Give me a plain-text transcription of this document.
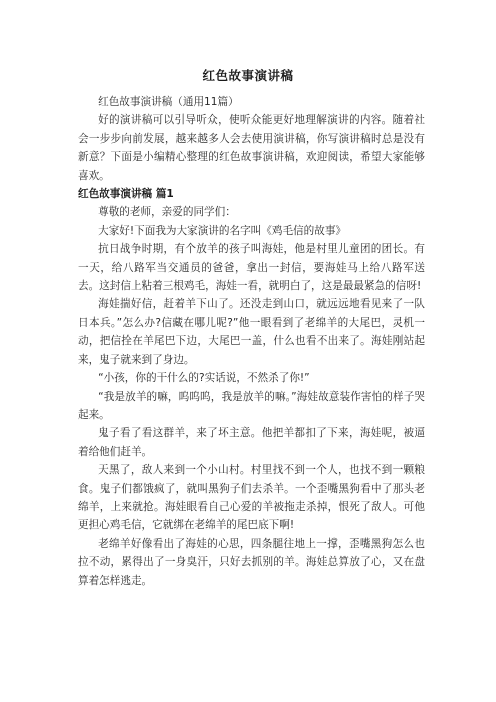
红色故事演讲稿

红色故事演讲稿（通用11篇）

好的演讲稿可以引导听众，使听众能更好地理解演讲的内容。随着社会一步步向前发展，越来越多人会去使用演讲稿，你写演讲稿时总是没有新意？下面是小编精心整理的红色故事演讲稿，欢迎阅读，希望大家能够喜欢。

红色故事演讲稿 篇1

尊敬的老师，亲爱的同学们：

大家好!下面我为大家演讲的名字叫《鸡毛信的故事》

抗日战争时期，有个放羊的孩子叫海娃，他是村里儿童团的团长。有一天，给八路军当交通员的爸爸，拿出一封信，要海娃马上给八路军送去。这封信上粘着三根鸡毛，海娃一看，就明白了，这是最最紧急的信呀!

海娃揣好信，赶着羊下山了。还没走到山口，就远远地看见来了一队日本兵。”怎么办?信藏在哪儿呢?”他一眼看到了老绵羊的大尾巴，灵机一动，把信拴在羊尾巴下边，大尾巴一盖，什么也看不出来了。海娃刚站起来，鬼子就来到了身边。

“小孩，你的干什么的?实话说，不然杀了你!”

“我是放羊的嘛，呜呜呜，我是放羊的嘛。”海娃故意装作害怕的样子哭起来。

鬼子看了看这群羊，来了坏主意。他把羊都扣了下来，海娃呢，被逼着给他们赶羊。

天黑了，敌人来到一个小山村。村里找不到一个人，也找不到一颗粮食。鬼子们都饿疯了，就叫黑狗子们去杀羊。一个歪嘴黑狗看中了那头老绵羊，上来就抢。海娃眼看自己心爱的羊被拖走杀掉，恨死了敌人。可他更担心鸡毛信，它就绑在老绵羊的尾巴底下啊!

老绵羊好像看出了海娃的心思，四条腿往地上一撑，歪嘴黑狗怎么也拉不动，累得出了一身臭汗，只好去抓别的羊。海娃总算放了心，又在盘算着怎样逃走。
